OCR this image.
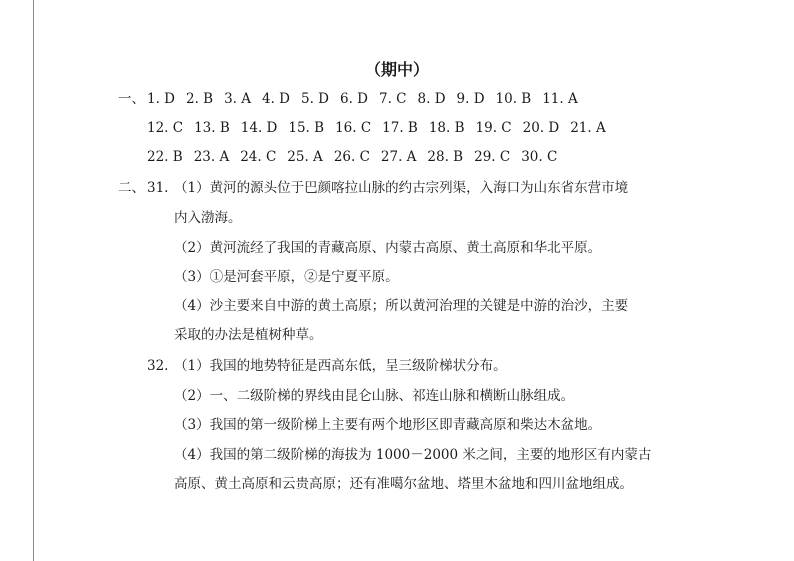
（期中）
一、 1. D 2. B 3. A 4. D 5. D 6. D 7. C 8. D 9. D 10. B 11. A
12. C 13. B 14. D 15. B 16. C 17. B 18. B 19. C 20. D 21. A
22. B 23. A 24. C 25. A 26. C 27. A 28. B 29. C 30. C
二、 31. （1）黄河的源头位于巴颜喀拉山脉的约古宗列渠，入海口为山东省东营市境
内入渤海。
（2）黄河流经了我国的青藏高原、内蒙古高原、黄土高原和华北平原。
（3）①是河套平原，②是宁夏平原。
（4）沙主要来自中游的黄土高原；所以黄河治理的关键是中游的治沙，主要
采取的办法是植树种草。
32. （1）我国的地势特征是西高东低，呈三级阶梯状分布。
（2）一、二级阶梯的界线由昆仑山脉、祁连山脉和横断山脉组成。
（3）我国的第一级阶梯上主要有两个地形区即青藏高原和柴达木盆地。
（4）我国的第二级阶梯的海拔为 1000－2000 米之间，主要的地形区有内蒙古
高原、黄土高原和云贵高原；还有准噶尔盆地、塔里木盆地和四川盆地组成。
